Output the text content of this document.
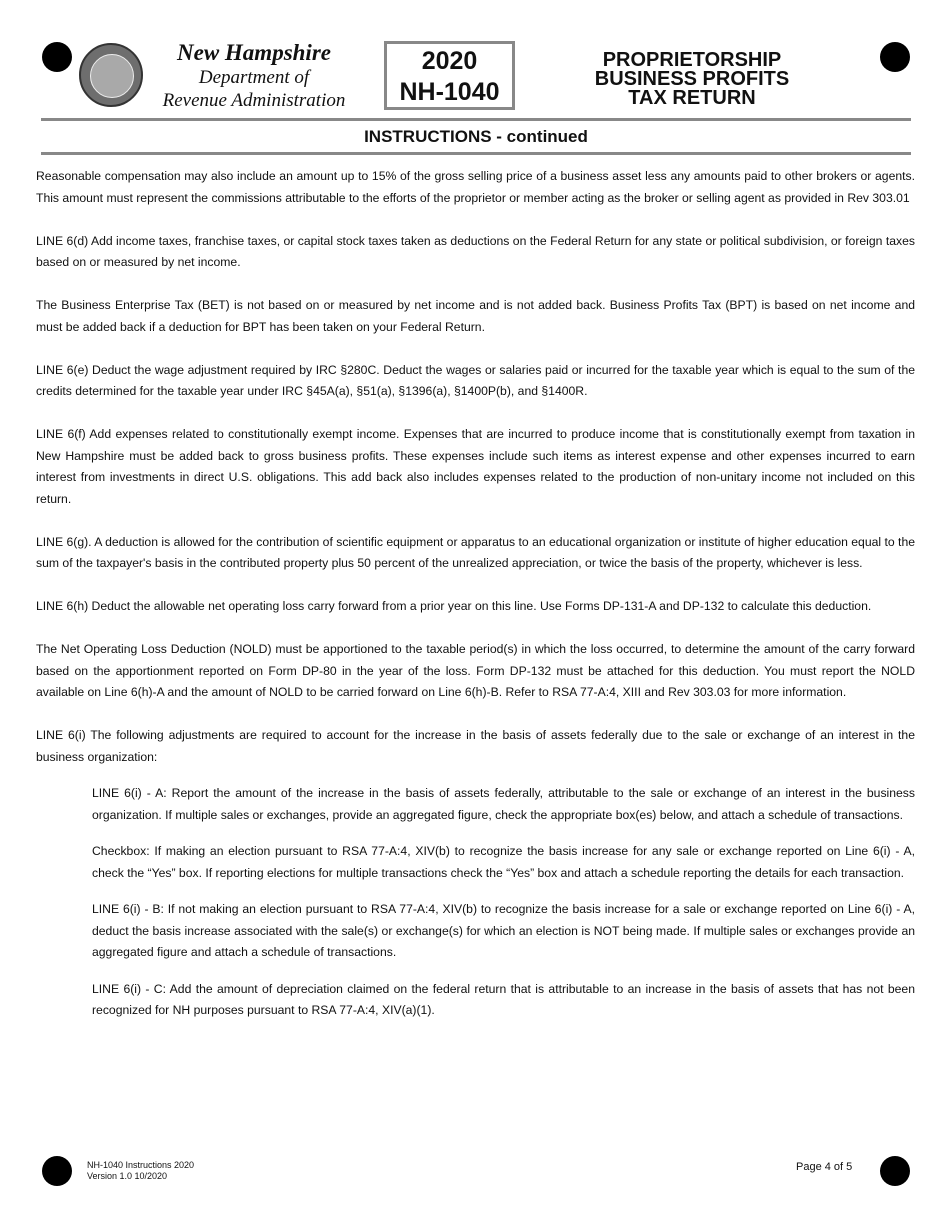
New Hampshire
Department of
Revenue Administration
2020
NH-1040
PROPRIETORSHIP
BUSINESS PROFITS
TAX RETURN
INSTRUCTIONS - continued

Reasonable compensation may also include an amount up to 15% of the gross selling price of a business asset less any amounts paid to other brokers or agents. This amount must represent the commissions attributable to the efforts of the proprietor or member acting as the broker or selling agent as provided in Rev 303.01

LINE 6(d) Add income taxes, franchise taxes, or capital stock taxes taken as deductions on the Federal Return for any state or political subdivision, or foreign taxes based on or measured by net income.

The Business Enterprise Tax (BET) is not based on or measured by net income and is not added back. Business Profits Tax (BPT) is based on net income and must be added back if a deduction for BPT has been taken on your Federal Return.

LINE 6(e) Deduct the wage adjustment required by IRC §280C. Deduct the wages or salaries paid or incurred for the taxable year which is equal to the sum of the credits determined for the taxable year under IRC §45A(a), §51(a), §1396(a), §1400P(b), and §1400R.

LINE 6(f) Add expenses related to constitutionally exempt income. Expenses that are incurred to produce income that is constitutionally exempt from taxation in New Hampshire must be added back to gross business profits. These expenses include such items as interest expense and other expenses incurred to earn interest from investments in direct U.S. obligations. This add back also includes expenses related to the production of non-unitary income not included on this return.

LINE 6(g). A deduction is allowed for the contribution of scientific equipment or apparatus to an educational organization or institute of higher education equal to the sum of the taxpayer's basis in the contributed property plus 50 percent of the unrealized appreciation, or twice the basis of the property, whichever is less.

LINE 6(h) Deduct the allowable net operating loss carry forward from a prior year on this line. Use Forms DP-131-A and DP-132 to calculate this deduction.

The Net Operating Loss Deduction (NOLD) must be apportioned to the taxable period(s) in which the loss occurred, to determine the amount of the carry forward based on the apportionment reported on Form DP-80 in the year of the loss. Form DP-132 must be attached for this deduction. You must report the NOLD available on Line 6(h)-A and the amount of NOLD to be carried forward on Line 6(h)-B. Refer to RSA 77-A:4, XIII and Rev 303.03 for more information.

LINE 6(i) The following adjustments are required to account for the increase in the basis of assets federally due to the sale or exchange of an interest in the business organization:

LINE 6(i) - A: Report the amount of the increase in the basis of assets federally, attributable to the sale or exchange of an interest in the business organization. If multiple sales or exchanges, provide an aggregated figure, check the appropriate box(es) below, and attach a schedule of transactions.

Checkbox: If making an election pursuant to RSA 77-A:4, XIV(b) to recognize the basis increase for any sale or exchange reported on Line 6(i) - A, check the “Yes” box. If reporting elections for multiple transactions check the “Yes” box and attach a schedule reporting the details for each transaction.

LINE 6(i) - B: If not making an election pursuant to RSA 77-A:4, XIV(b) to recognize the basis increase for a sale or exchange reported on Line 6(i) - A, deduct the basis increase associated with the sale(s) or exchange(s) for which an election is NOT being made. If multiple sales or exchanges provide an aggregated figure and attach a schedule of transactions.

LINE 6(i) - C: Add the amount of depreciation claimed on the federal return that is attributable to an increase in the basis of assets that has not been recognized for NH purposes pursuant to RSA 77-A:4, XIV(a)(1).

NH-1040 Instructions 2020
Version 1.0 10/2020
Page 4 of 5
